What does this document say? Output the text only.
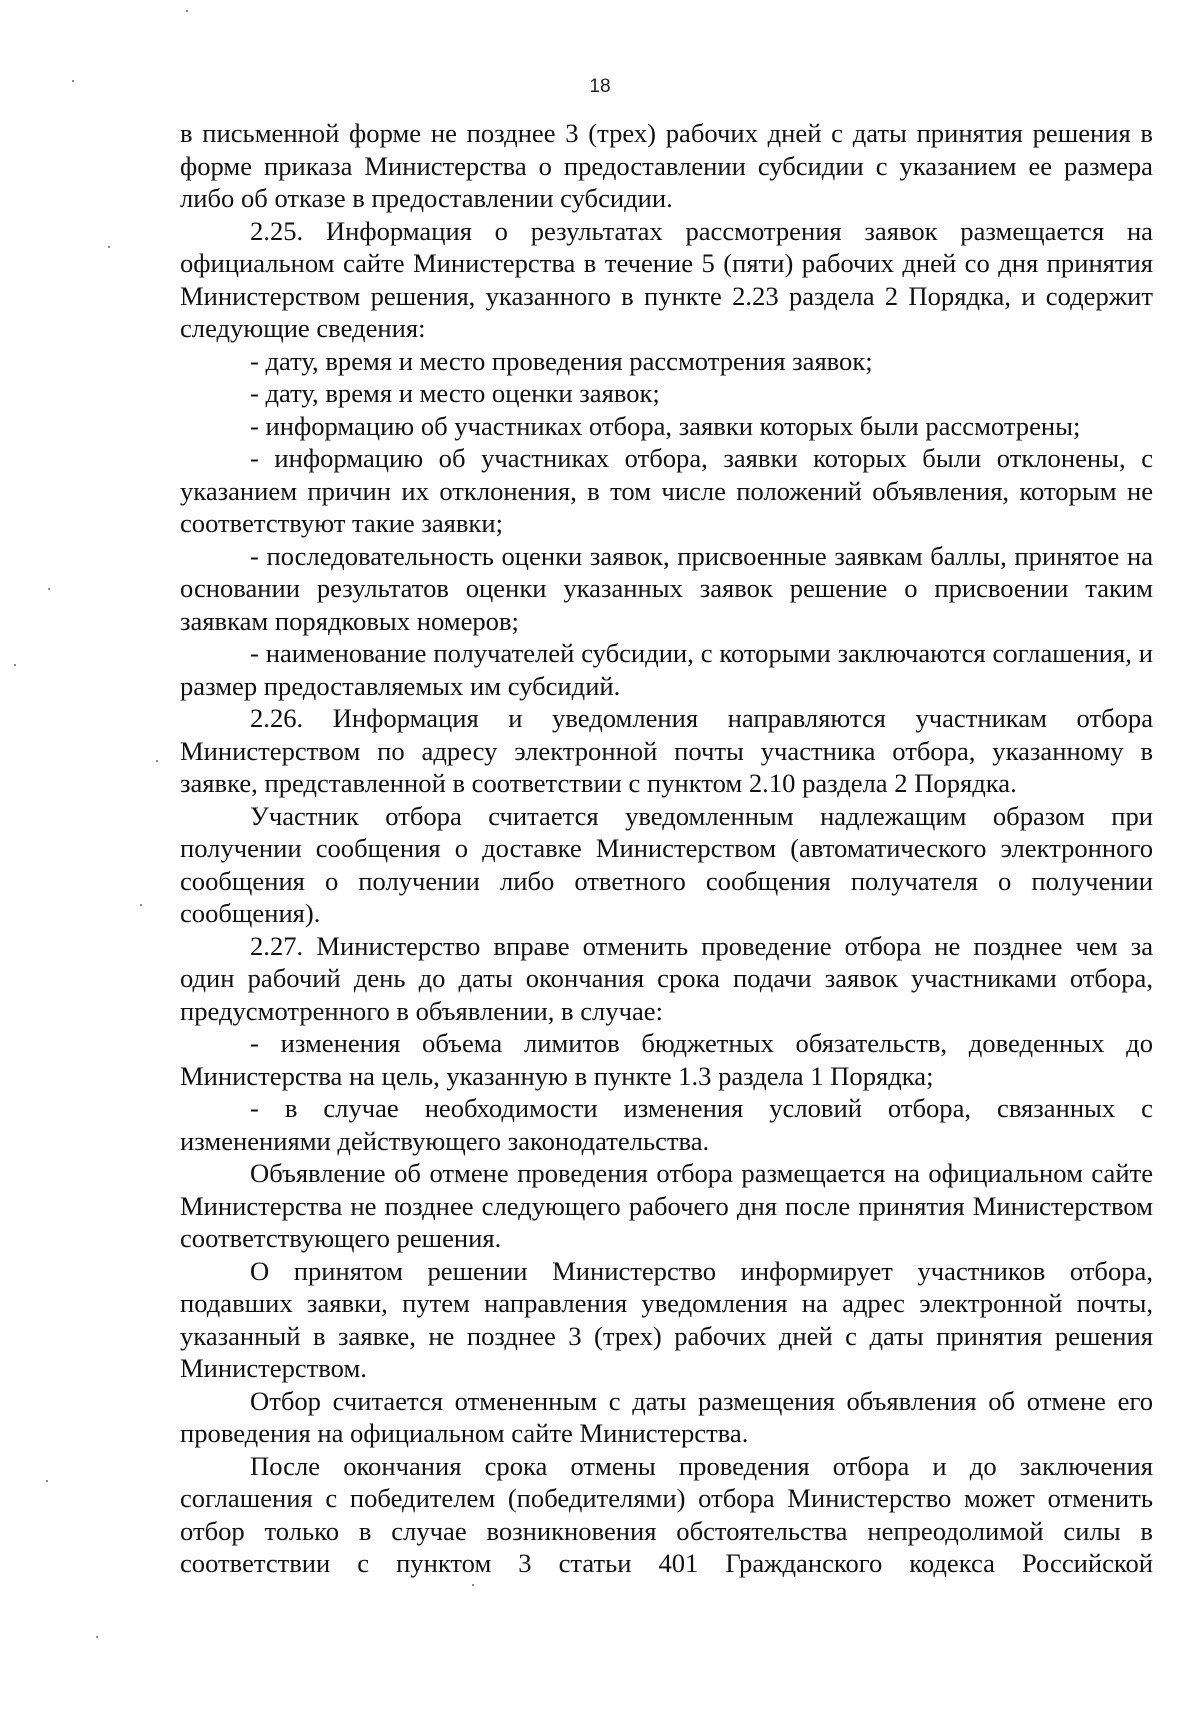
18

в письменной форме не позднее 3 (трех) рабочих дней с даты принятия решения в форме приказа Министерства о предоставлении субсидии с указанием ее размера либо об отказе в предоставлении субсидии.

2.25. Информация о результатах рассмотрения заявок размещается на официальном сайте Министерства в течение 5 (пяти) рабочих дней со дня принятия Министерством решения, указанного в пункте 2.23 раздела 2 Порядка, и содержит следующие сведения:

- дату, время и место проведения рассмотрения заявок;

- дату, время и место оценки заявок;

- информацию об участниках отбора, заявки которых были рассмотрены;

- информацию об участниках отбора, заявки которых были отклонены, с указанием причин их отклонения, в том числе положений объявления, которым не соответствуют такие заявки;

- последовательность оценки заявок, присвоенные заявкам баллы, принятое на основании результатов оценки указанных заявок решение о присвоении таким заявкам порядковых номеров;

- наименование получателей субсидии, с которыми заключаются соглашения, и размер предоставляемых им субсидий.

2.26. Информация и уведомления направляются участникам отбора Министерством по адресу электронной почты участника отбора, указанному в заявке, представленной в соответствии с пунктом 2.10 раздела 2 Порядка.

Участник отбора считается уведомленным надлежащим образом при получении сообщения о доставке Министерством (автоматического электронного сообщения о получении либо ответного сообщения получателя о получении сообщения).

2.27. Министерство вправе отменить проведение отбора не позднее чем за один рабочий день до даты окончания срока подачи заявок участниками отбора, предусмотренного в объявлении, в случае:

- изменения объема лимитов бюджетных обязательств, доведенных до Министерства на цель, указанную в пункте 1.3 раздела 1 Порядка;

- в случае необходимости изменения условий отбора, связанных с изменениями действующего законодательства.

Объявление об отмене проведения отбора размещается на официальном сайте Министерства не позднее следующего рабочего дня после принятия Министерством соответствующего решения.

О принятом решении Министерство информирует участников отбора, подавших заявки, путем направления уведомления на адрес электронной почты, указанный в заявке, не позднее 3 (трех) рабочих дней с даты принятия решения Министерством.

Отбор считается отмененным с даты размещения объявления об отмене его проведения на официальном сайте Министерства.

После окончания срока отмены проведения отбора и до заключения соглашения с победителем (победителями) отбора Министерство может отменить отбор только в случае возникновения обстоятельства непреодолимой силы в соответствии с пунктом 3 статьи 401 Гражданского кодекса Российской
